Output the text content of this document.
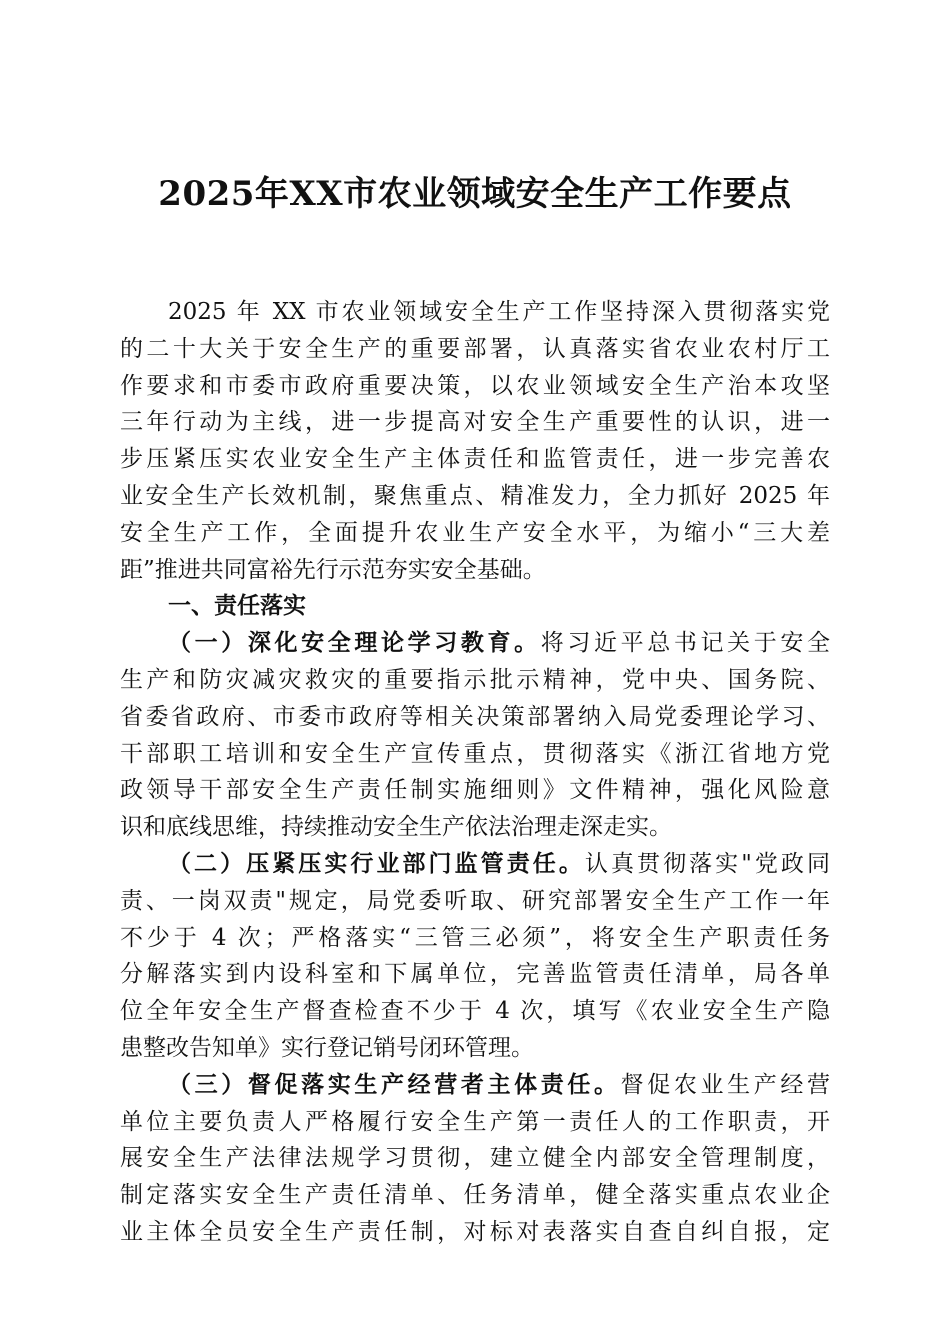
2025年XX市农业领域安全生产工作要点
2025 年 XX 市农业领域安全生产工作坚持深入贯彻落实党
的二十大关于安全生产的重要部署，认真落实省农业农村厅工
作要求和市委市政府重要决策，以农业领域安全生产治本攻坚
三年行动为主线，进一步提高对安全生产重要性的认识，进一
步压紧压实农业安全生产主体责任和监管责任，进一步完善农
业安全生产长效机制，聚焦重点、精准发力，全力抓好 2025 年
安全生产工作，全面提升农业生产安全水平，为缩小“三大差
距”推进共同富裕先行示范夯实安全基础。
一、责任落实
（一）深化安全理论学习教育。将习近平总书记关于安全
生产和防灾减灾救灾的重要指示批示精神，党中央、国务院、
省委省政府、市委市政府等相关决策部署纳入局党委理论学习、
干部职工培训和安全生产宣传重点，贯彻落实《浙江省地方党
政领导干部安全生产责任制实施细则》文件精神，强化风险意
识和底线思维，持续推动安全生产依法治理走深走实。
（二）压紧压实行业部门监管责任。认真贯彻落实"党政同
责、一岗双责"规定，局党委听取、研究部署安全生产工作一年
不少于 4 次；严格落实“三管三必须”，将安全生产职责任务
分解落实到内设科室和下属单位，完善监管责任清单，局各单
位全年安全生产督查检查不少于 4 次，填写《农业安全生产隐
患整改告知单》实行登记销号闭环管理。
（三）督促落实生产经营者主体责任。督促农业生产经营
单位主要负责人严格履行安全生产第一责任人的工作职责，开
展安全生产法律法规学习贯彻，建立健全内部安全管理制度，
制定落实安全生产责任清单、任务清单，健全落实重点农业企
业主体全员安全生产责任制，对标对表落实自查自纠自报，定
